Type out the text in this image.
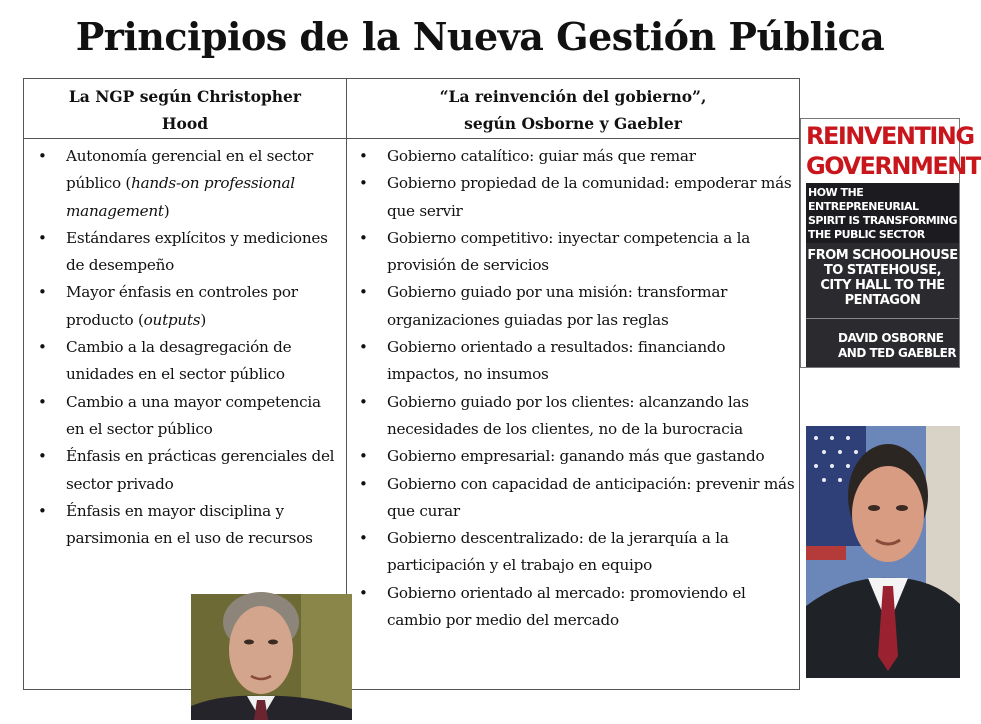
Principios de la Nueva Gestión Pública
La NGP según Christopher
Hood
• Autonomía gerencial en el sector público (hands-on professional management)
• Estándares explícitos y mediciones de desempeño
• Mayor énfasis en controles por producto (outputs)
• Cambio a la desagregación de unidades en el sector público
• Cambio a una mayor competencia en el sector público
• Énfasis en prácticas gerenciales del sector privado
• Énfasis en mayor disciplina y parsimonia en el uso de recursos
“La reinvención del gobierno”,
según Osborne y Gaebler
• Gobierno catalítico: guiar más que remar
• Gobierno propiedad de la comunidad: empoderar más que servir
• Gobierno competitivo: inyectar competencia a la provisión de servicios
• Gobierno guiado por una misión: transformar organizaciones guiadas por las reglas
• Gobierno orientado a resultados: financiando impactos, no insumos
• Gobierno guiado por los clientes: alcanzando las necesidades de los clientes, no de la burocracia
• Gobierno empresarial: ganando más que gastando
• Gobierno con capacidad de anticipación: prevenir más que curar
• Gobierno descentralizado: de la jerarquía a la participación y el trabajo en equipo
• Gobierno orientado al mercado: promoviendo el cambio por medio del mercado
REINVENTING
GOVERNMENT
HOW THE ENTREPRENEURIAL
SPIRIT IS TRANSFORMING
THE PUBLIC SECTOR
FROM SCHOOLHOUSE
TO STATEHOUSE,
CITY HALL TO THE
PENTAGON
DAVID OSBORNE
AND TED GAEBLER
